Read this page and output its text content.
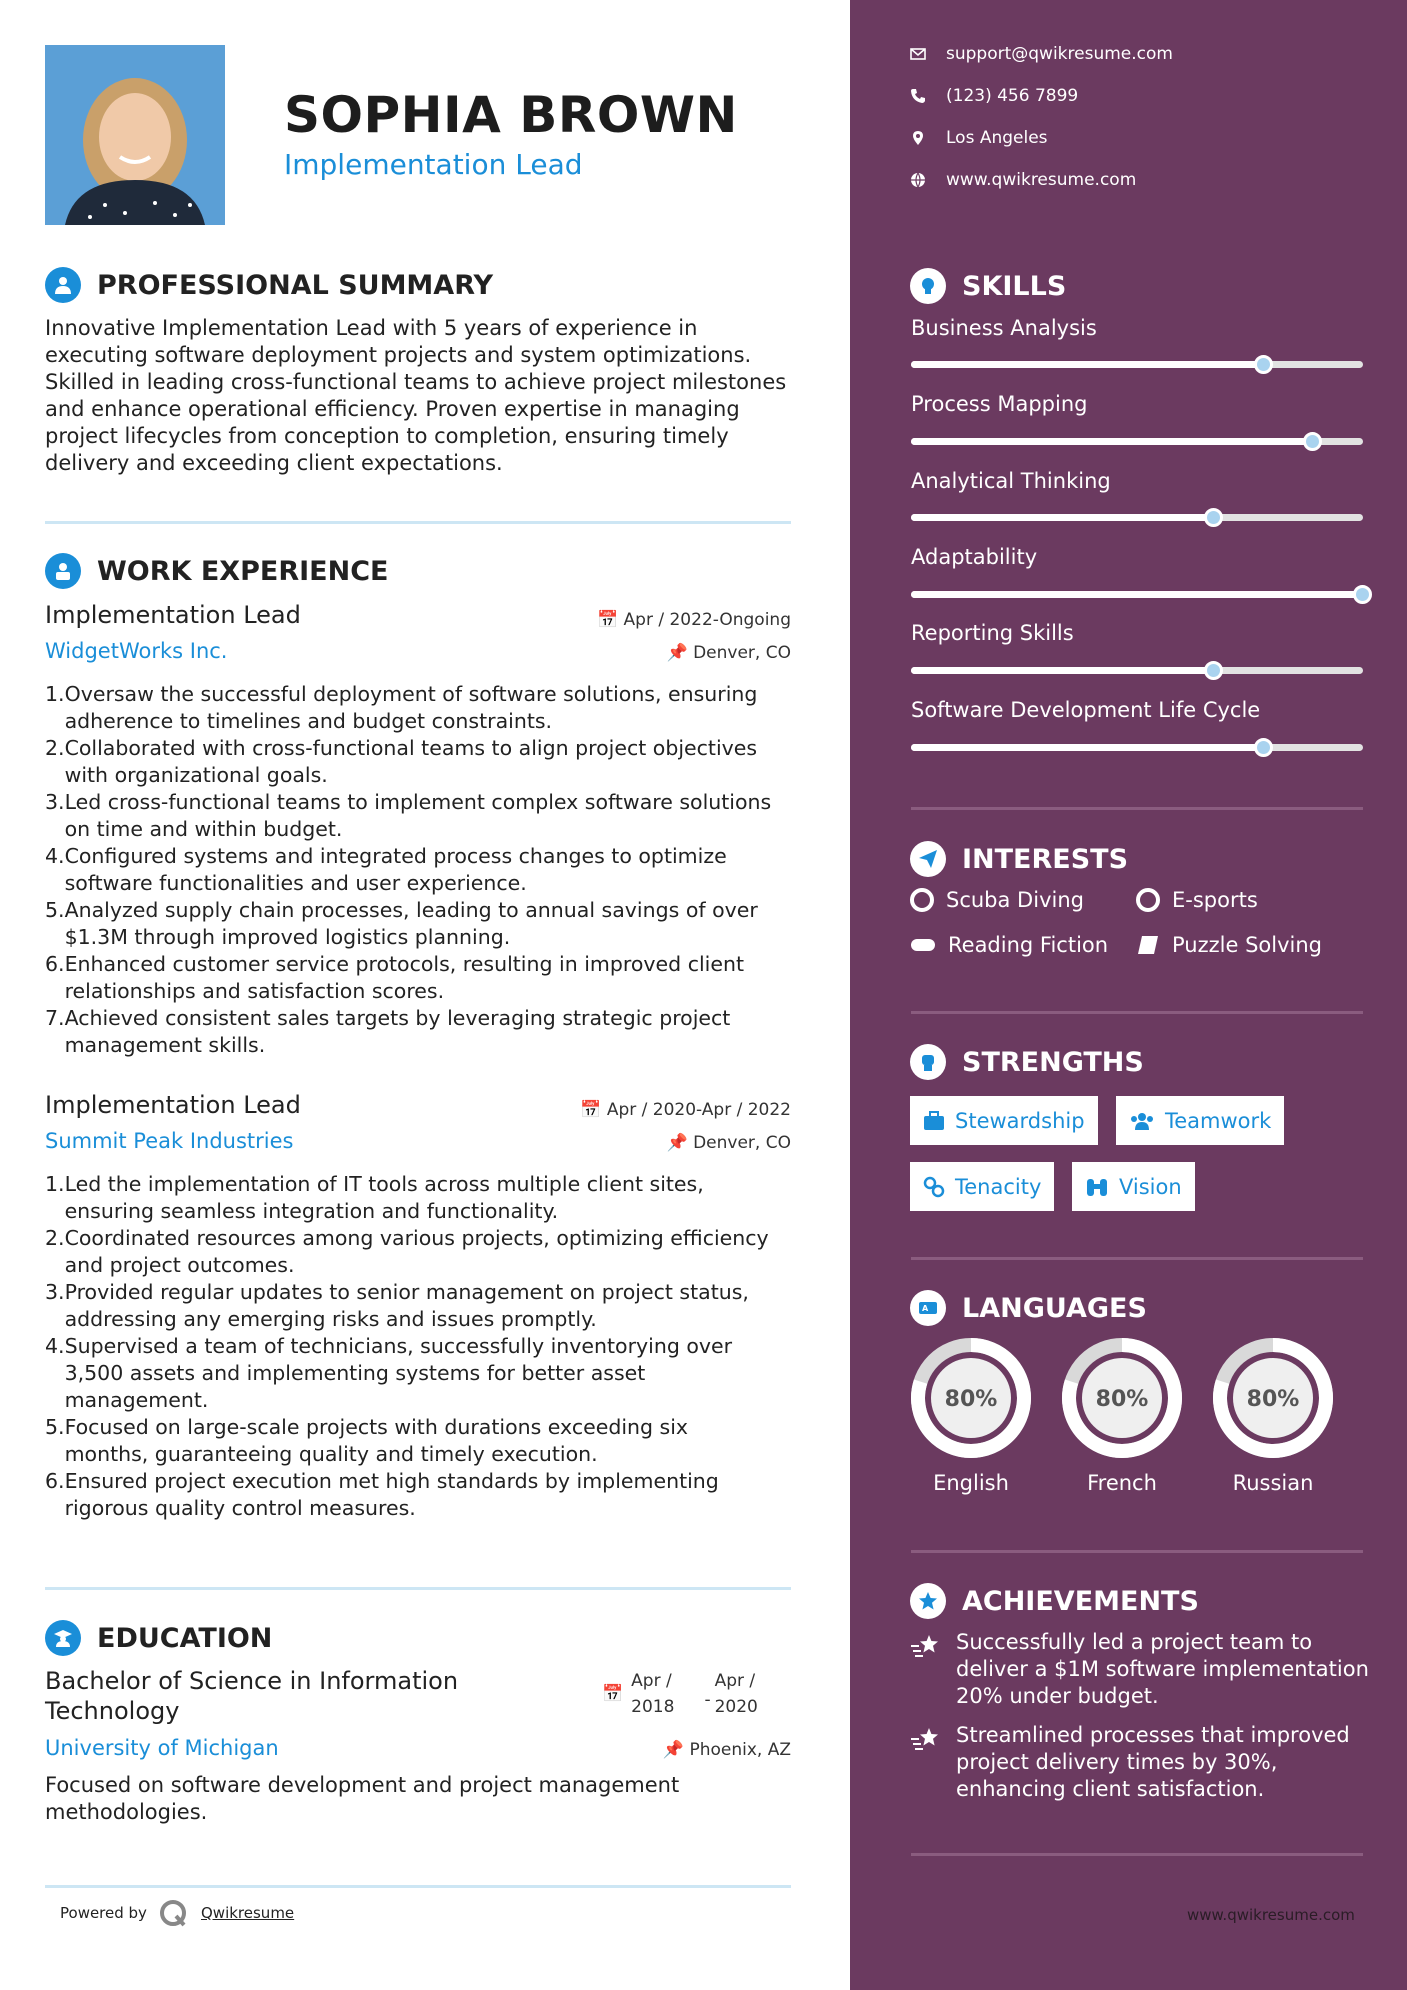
SOPHIA BROWN
Implementation Lead
PROFESSIONAL SUMMARY
Innovative Implementation Lead with 5 years of experience in
executing software deployment projects and system optimizations.
Skilled in leading cross-functional teams to achieve project milestones
and enhance operational efficiency. Proven expertise in managing
project lifecycles from conception to completion, ensuring timely
delivery and exceeding client expectations.
WORK EXPERIENCE
Implementation Lead
WidgetWorks Inc.
📅 Apr / 2022-Ongoing
📌 Denver, CO
1. Oversaw the successful deployment of software solutions, ensuring
adherence to timelines and budget constraints.
2. Collaborated with cross-functional teams to align project objectives
with organizational goals.
3. Led cross-functional teams to implement complex software solutions
on time and within budget.
4. Configured systems and integrated process changes to optimize
software functionalities and user experience.
5. Analyzed supply chain processes, leading to annual savings of over
$1.3M through improved logistics planning.
6. Enhanced customer service protocols, resulting in improved client
relationships and satisfaction scores.
7. Achieved consistent sales targets by leveraging strategic project
management skills.
Implementation Lead
Summit Peak Industries
📅 Apr / 2020-Apr / 2022
📌 Denver, CO
1. Led the implementation of IT tools across multiple client sites,
ensuring seamless integration and functionality.
2. Coordinated resources among various projects, optimizing efficiency
and project outcomes.
3. Provided regular updates to senior management on project status,
addressing any emerging risks and issues promptly.
4. Supervised a team of technicians, successfully inventorying over
3,500 assets and implementing systems for better asset
management.
5. Focused on large-scale projects with durations exceeding six
months, guaranteeing quality and timely execution.
6. Ensured project execution met high standards by implementing
rigorous quality control measures.
EDUCATION
Bachelor of Science in Information
Technology
University of Michigan
📅
Apr /
2018 -
Apr /
2020
📌 Phoenix, AZ
Focused on software development and project management
methodologies.
Powered by	Qwikresume
support@qwikresume.com
(123) 456 7899
Los Angeles
www.qwikresume.com
SKILLS
Business Analysis
Process Mapping
Analytical Thinking
Adaptability
Reporting Skills
Software Development Life Cycle
INTERESTS
Scuba Diving	E-sports
Reading Fiction	Puzzle Solving
STRENGTHS
Stewardship	Teamwork
Tenacity	Vision
A LANGUAGES
80%	80%	80%
English	French	Russian
ACHIEVEMENTS
Successfully led a project team to
deliver a $1M software implementation
20% under budget.
Streamlined processes that improved
project delivery times by 30%,
enhancing client satisfaction.
www.qwikresume.com
